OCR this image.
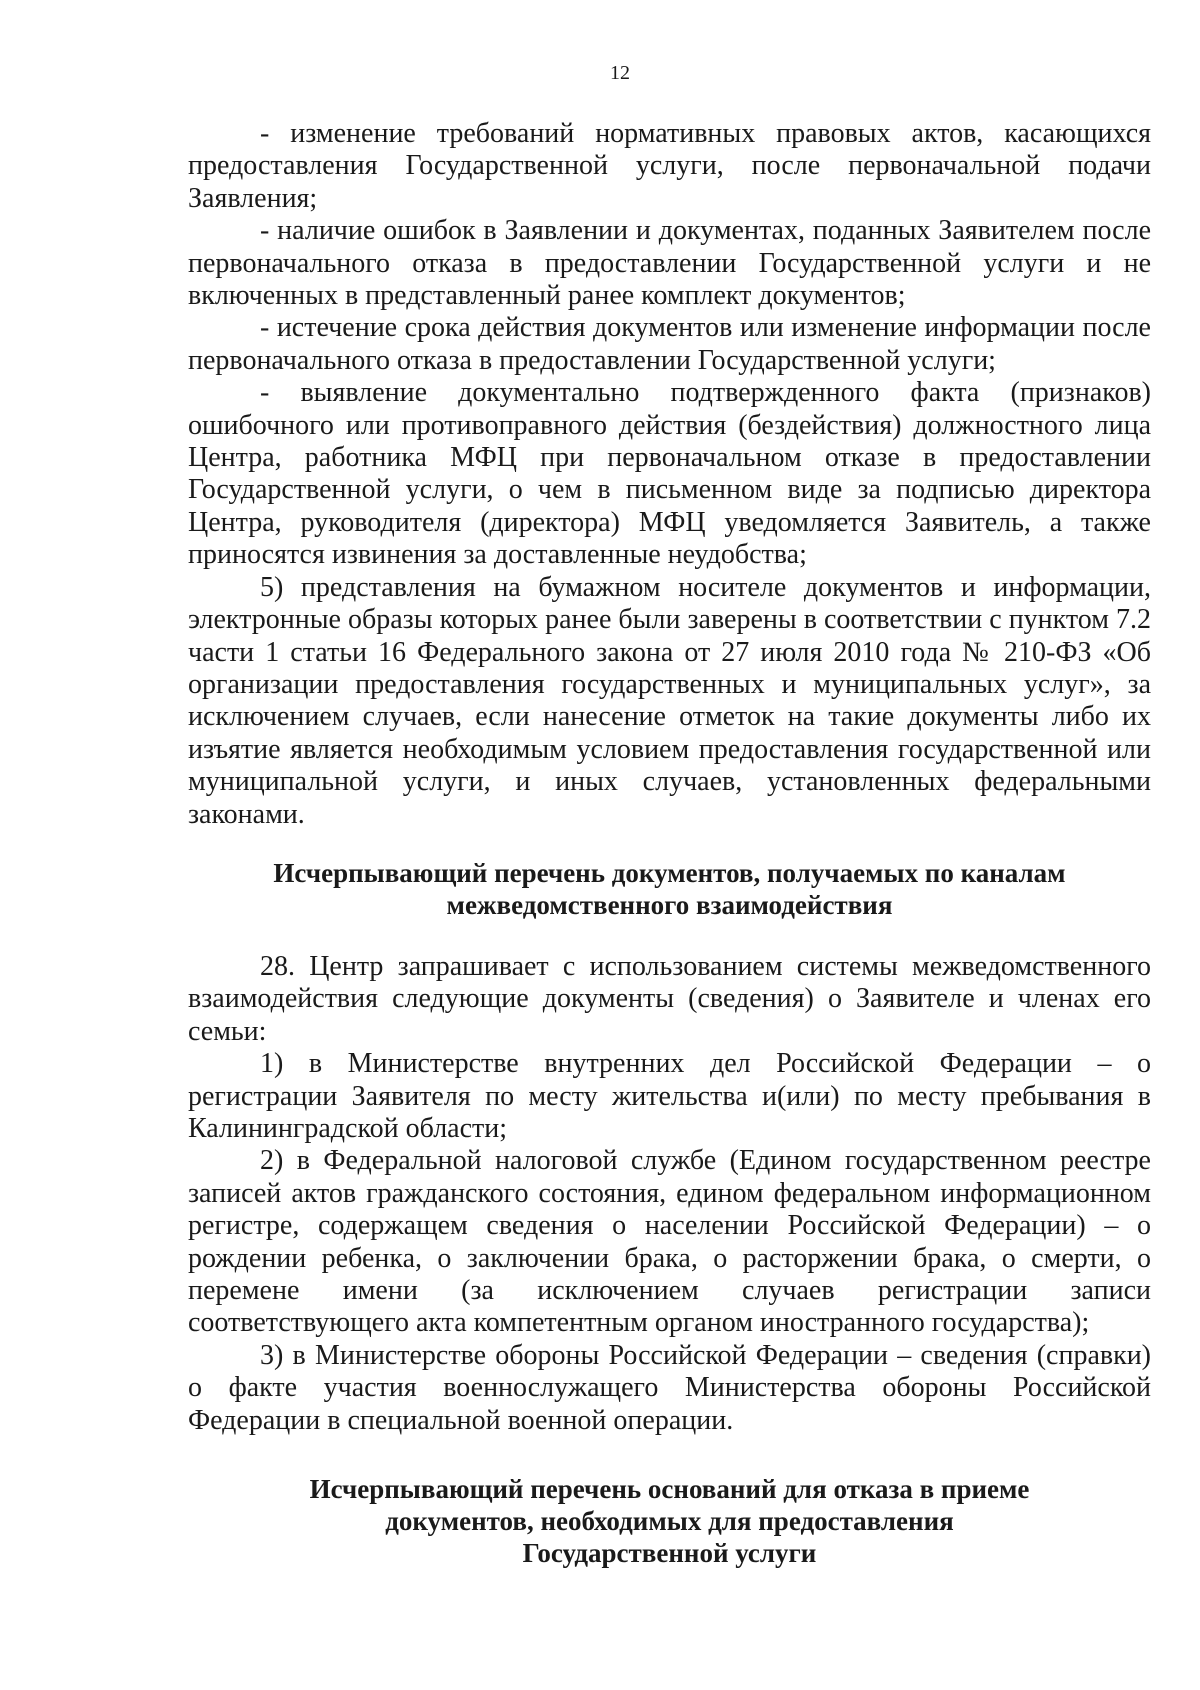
12

- изменение требований нормативных правовых актов, касающихся предоставления Государственной услуги, после первоначальной подачи Заявления;

- наличие ошибок в Заявлении и документах, поданных Заявителем после первоначального отказа в предоставлении Государственной услуги и не включенных в представленный ранее комплект документов;

- истечение срока действия документов или изменение информации после первоначального отказа в предоставлении Государственной услуги;

- выявление документально подтвержденного факта (признаков) ошибочного или противоправного действия (бездействия) должностного лица Центра, работника МФЦ при первоначальном отказе в предоставлении Государственной услуги, о чем в письменном виде за подписью директора Центра, руководителя (директора) МФЦ уведомляется Заявитель, а также приносятся извинения за доставленные неудобства;

5) представления на бумажном носителе документов и информации, электронные образы которых ранее были заверены в соответствии с пунктом 7.2 части 1 статьи 16 Федерального закона от 27 июля 2010 года № 210-ФЗ «Об организации предоставления государственных и муниципальных услуг», за исключением случаев, если нанесение отметок на такие документы либо их изъятие является необходимым условием предоставления государственной или муниципальной услуги, и иных случаев, установленных федеральными законами.

Исчерпывающий перечень документов, получаемых по каналам
межведомственного взаимодействия

28. Центр запрашивает с использованием системы межведомственного взаимодействия следующие документы (сведения) о Заявителе и членах его семьи:

1) в Министерстве внутренних дел Российской Федерации – о регистрации Заявителя по месту жительства и(или) по месту пребывания в Калининградской области;

2) в Федеральной налоговой службе (Едином государственном реестре записей актов гражданского состояния, едином федеральном информационном регистре, содержащем сведения о населении Российской Федерации) – о рождении ребенка, о заключении брака, о расторжении брака, о смерти, о перемене имени (за исключением случаев регистрации записи соответствующего акта компетентным органом иностранного государства);

3) в Министерстве обороны Российской Федерации – сведения (справки) о факте участия военнослужащего Министерства обороны Российской Федерации в специальной военной операции.

Исчерпывающий перечень оснований для отказа в приеме
документов, необходимых для предоставления
Государственной услуги
